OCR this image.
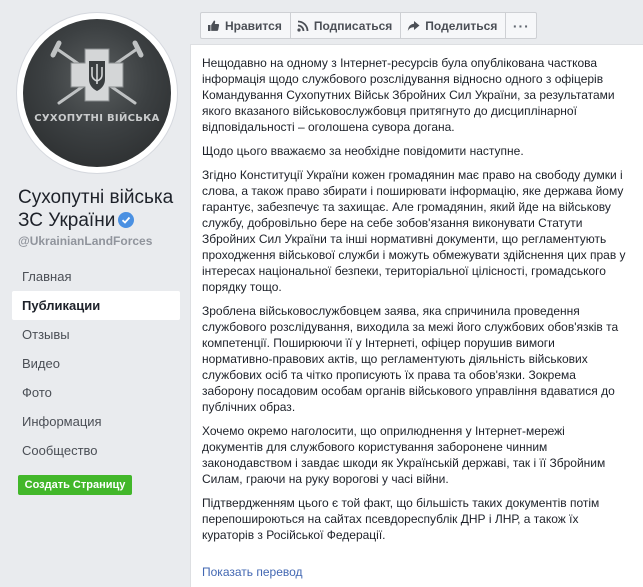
СУХОПУТНІ ВІЙСЬКА
Сухопутні війська ЗС України
@UkrainianLandForces
Главная
Публикации
Отзывы
Видео
Фото
Информация
Сообщество
Создать Страницу
Нравится	Подписаться	Поделиться	···

Нещодавно на одному з Інтернет-ресурсів була опублікована часткова інформація щодо службового розслідування відносно одного з офіцерів Командування Сухопутних Військ Збройних Сил України, за результатами якого вказаного військовослужбовця притягнуто до дисциплінарної відповідальності – оголошена сувора догана.

Щодо цього вважаємо за необхідне повідомити наступне.

Згідно Конституції України кожен громадянин має право на свободу думки і слова, а також право збирати і поширювати інформацію, яке держава йому гарантує, забезпечує та захищає. Але громадянин, який йде на військову службу, добровільно бере на себе зобов'язання виконувати Статути Збройних Сил України та інші нормативні документи, що регламентують проходження військової служби і можуть обмежувати здійснення цих прав у інтересах національної безпеки, територіальної цілісності, громадського порядку тощо.

Зроблена військовослужбовцем заява, яка спричинила проведення службового розслідування, виходила за межі його службових обов'язків та компетенції. Поширюючи її у Інтернеті, офіцер порушив вимоги нормативно-правових актів, що регламентують діяльність військових службових осіб та чітко прописують їх права та обов'язки. Зокрема заборону посадовим особам органів військового управління вдаватися до публічних образ.

Хочемо окремо наголосити, що оприлюднення у Інтернет-мережі документів для службового користування заборонене чинним законодавством і завдає шкоди як Українській державі, так і її Збройним Силам, граючи на руку ворогові у часі війни.

Підтвердженням цього є той факт, що більшість таких документів потім перепошироються на сайтах псевдореспублік ДНР і ЛНР, а також їх кураторів з Російської Федерації.

Показать перевод
